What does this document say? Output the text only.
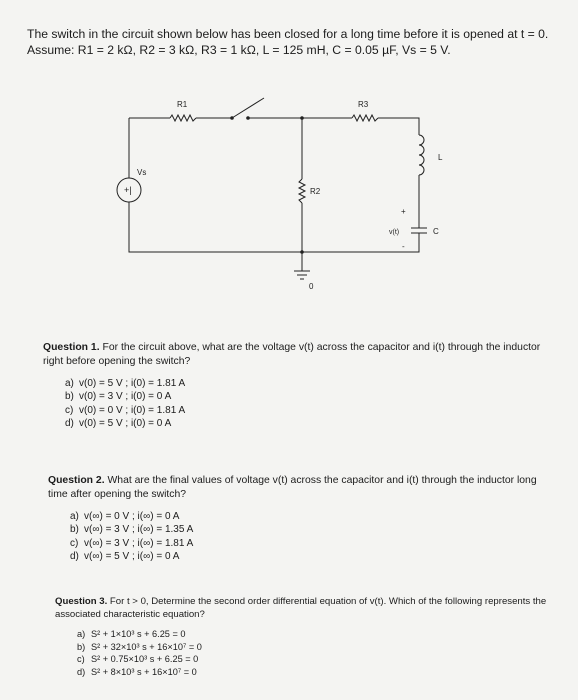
The switch in the circuit shown below has been closed for a long time before it is opened at t = 0.
Assume: R1 = 2 kΩ, R2 = 3 kΩ, R3 = 1 kΩ, L = 125 mH, C = 0.05 µF, Vs = 5 V.
+|
R1	R3
Vs
R2
L
C
v(t)
+
-
0

Question 1. For the circuit above, what are the voltage v(t) across the capacitor and i(t) through the inductor right before opening the switch?

a) v(0) = 5 V ; i(0) = 1.81 A
b) v(0) = 3 V ; i(0) = 0 A
c) v(0) = 0 V ; i(0) = 1.81 A
d) v(0) = 5 V ; i(0) = 0 A

Question 2. What are the final values of voltage v(t) across the capacitor and i(t) through the inductor long time after opening the switch?

a) v(∞) = 0 V ; i(∞) = 0 A
b) v(∞) = 3 V ; i(∞) = 1.35 A
c) v(∞) = 3 V ; i(∞) = 1.81 A
d) v(∞) = 5 V ; i(∞) = 0 A

Question 3. For t > 0, Determine the second order differential equation of v(t). Which of the following represents the associated characteristic equation?

a) S² + 1×10³ s + 6.25 = 0
b) S² + 32×10³ s + 16×10⁷ = 0
c) S² + 0.75×10³ s + 6.25 = 0
d) S² + 8×10³ s + 16×10⁷ = 0
